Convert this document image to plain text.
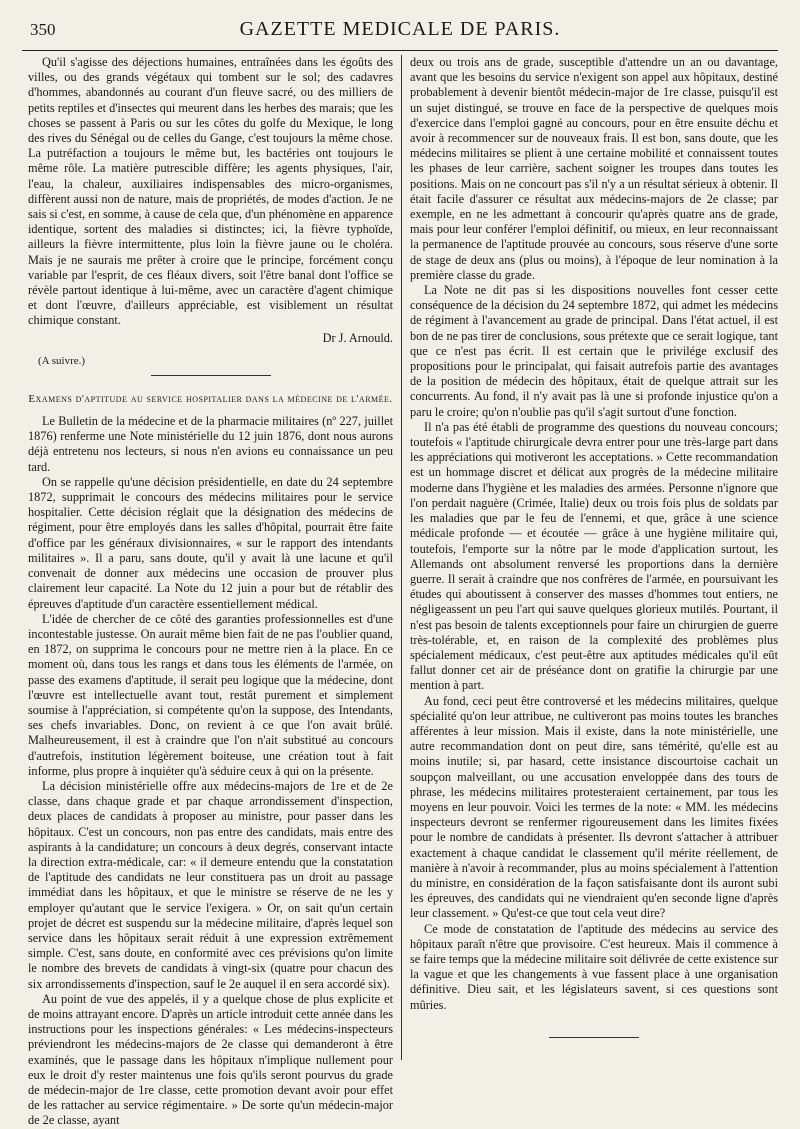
350	GAZETTE MEDICALE DE PARIS.

Qu'il s'agisse des déjections humaines, entraînées dans les égoûts des villes, ou des grands végétaux qui tombent sur le sol; des cadavres d'hommes, abandonnés au courant d'un fleuve sacré, ou des milliers de petits reptiles et d'insectes qui meurent dans les herbes des marais; que les choses se passent à Paris ou sur les côtes du golfe du Mexique, le long des rives du Sénégal ou de celles du Gange, c'est toujours la même chose. La putréfaction a toujours le même but, les bactéries ont toujours le même rôle. La matière putrescible diffère; les agents physiques, l'air, l'eau, la chaleur, auxiliaires indispensables des micro-organismes, diffèrent aussi non de nature, mais de propriétés, de modes d'action. Je ne sais si c'est, en somme, à cause de cela que, d'un phénomène en apparence identique, sortent des maladies si distinctes; ici, la fièvre typhoïde, ailleurs la fièvre intermittente, plus loin la fièvre jaune ou le choléra. Mais je ne saurais me prêter à croire que le principe, forcément conçu variable par l'esprit, de ces fléaux divers, soit l'être banal dont l'office se révèle partout identique à lui-même, avec un caractère d'agent chimique et dont l'œuvre, d'ailleurs appréciable, est visiblement un résultat chimique constant.

Dr J. Arnould.

(A suivre.)

Examens d'aptitude au service hospitalier dans la médecine de l'armée.

Le Bulletin de la médecine et de la pharmacie militaires (nº 227, juillet 1876) renferme une Note ministérielle du 12 juin 1876, dont nous aurons déjà entretenu nos lecteurs, si nous n'en avions eu connaissance un peu tard.

On se rappelle qu'une décision présidentielle, en date du 24 septembre 1872, supprimait le concours des médecins militaires pour le service hospitalier. Cette décision réglait que la désignation des médecins de régiment, pour être employés dans les salles d'hôpital, pourrait être faite d'office par les généraux divisionnaires, « sur le rapport des intendants militaires ». Il a paru, sans doute, qu'il y avait là une lacune et qu'il convenait de donner aux médecins une occasion de prouver plus clairement leur capacité. La Note du 12 juin a pour but de rétablir des épreuves d'aptitude d'un caractère essentiellement médical.

L'idée de chercher de ce côté des garanties professionnelles est d'une incontestable justesse. On aurait même bien fait de ne pas l'oublier quand, en 1872, on supprima le concours pour ne mettre rien à la place. En ce moment où, dans tous les rangs et dans tous les éléments de l'armée, on passe des examens d'aptitude, il serait peu logique que la médecine, dont l'œuvre est intellectuelle avant tout, restât purement et simplement soumise à l'appréciation, si compétente qu'on la suppose, des Intendants, ses chefs invariables. Donc, on revient à ce que l'on avait brûlé. Malheureusement, il est à craindre que l'on n'ait substitué au concours d'autrefois, institution légèrement boiteuse, une création tout à fait informe, plus propre à inquiéter qu'à séduire ceux à qui on la présente.

La décision ministérielle offre aux médecins-majors de 1re et de 2e classe, dans chaque grade et par chaque arrondissement d'inspection, deux places de candidats à proposer au ministre, pour passer dans les hôpitaux. C'est un concours, non pas entre des candidats, mais entre des aspirants à la candidature; un concours à deux degrés, conservant intacte la direction extra-médicale, car: « il demeure entendu que la constatation de l'aptitude des candidats ne leur constituera pas un droit au passage immédiat dans les hôpitaux, et que le ministre se réserve de ne les y employer qu'autant que le service l'exigera. » Or, on sait qu'un certain projet de décret est suspendu sur la médecine militaire, d'après lequel son service dans les hôpitaux serait réduit à une expression extrêmement simple. C'est, sans doute, en conformité avec ces prévisions qu'on limite le nombre des brevets de candidats à vingt-six (quatre pour chacun des six arrondissements d'inspection, sauf le 2e auquel il en sera accordé six).

Au point de vue des appelés, il y a quelque chose de plus explicite et de moins attrayant encore. D'après un article introduit cette année dans les instructions pour les inspections générales: « Les médecins-inspecteurs préviendront les médecins-majors de 2e classe qui demanderont à être examinés, que le passage dans les hôpitaux n'implique nullement pour eux le droit d'y rester maintenus une fois qu'ils seront pourvus du grade de médecin-major de 1re classe, cette promotion devant avoir pour effet de les rattacher au service régimentaire. » De sorte qu'un médecin-major de 2e classe, ayant

deux ou trois ans de grade, susceptible d'attendre un an ou davantage, avant que les besoins du service n'exigent son appel aux hôpitaux, destiné probablement à devenir bientôt médecin-major de 1re classe, puisqu'il est un sujet distingué, se trouve en face de la perspective de quelques mois d'exercice dans l'emploi gagné au concours, pour en être ensuite déchu et avoir à recommencer sur de nouveaux frais. Il est bon, sans doute, que les médecins militaires se plient à une certaine mobilité et connaissent toutes les phases de leur carrière, sachent soigner les troupes dans toutes les positions. Mais on ne concourt pas s'il n'y a un résultat sérieux à obtenir. Il était facile d'assurer ce résultat aux médecins-majors de 2e classe; par exemple, en ne les admettant à concourir qu'après quatre ans de grade, mais pour leur conférer l'emploi définitif, ou mieux, en leur reconnaissant la permanence de l'aptitude prouvée au concours, sous réserve d'une sorte de stage de deux ans (plus ou moins), à l'époque de leur nomination à la première classe du grade.

La Note ne dit pas si les dispositions nouvelles font cesser cette conséquence de la décision du 24 septembre 1872, qui admet les médecins de régiment à l'avancement au grade de principal. Dans l'état actuel, il est bon de ne pas tirer de conclusions, sous prétexte que ce serait logique, tant que ce n'est pas écrit. Il est certain que le privilége exclusif des propositions pour le principalat, qui faisait autrefois partie des avantages de la position de médecin des hôpitaux, était de quelque attrait sur les concurrents. Au fond, il n'y avait pas là une si profonde injustice qu'on a paru le croire; qu'on n'oublie pas qu'il s'agit surtout d'une fonction.

Il n'a pas été établi de programme des questions du nouveau concours; toutefois « l'aptitude chirurgicale devra entrer pour une très-large part dans les appréciations qui motiveront les acceptations. » Cette recommandation est un hommage discret et délicat aux progrès de la médecine militaire moderne dans l'hygiène et les maladies des armées. Personne n'ignore que l'on perdait naguère (Crimée, Italie) deux ou trois fois plus de soldats par les maladies que par le feu de l'ennemi, et que, grâce à une science médicale profonde — et écoutée — grâce à une hygiène militaire qui, toutefois, l'emporte sur la nôtre par le mode d'application surtout, les Allemands ont absolument renversé les proportions dans la dernière guerre. Il serait à craindre que nos confrères de l'armée, en poursuivant les études qui aboutissent à conserver des masses d'hommes tout entiers, ne négligeassent un peu l'art qui sauve quelques glorieux mutilés. Pourtant, il n'est pas besoin de talents exceptionnels pour faire un chirurgien de guerre très-tolérable, et, en raison de la complexité des problèmes plus spécialement médicaux, c'est peut-être aux aptitudes médicales qu'il eût fallut donner cet air de préséance dont on gratifie la chirurgie par une mention à part.

Au fond, ceci peut être controversé et les médecins militaires, quelque spécialité qu'on leur attribue, ne cultiveront pas moins toutes les branches afférentes à leur mission. Mais il existe, dans la note ministérielle, une autre recommandation dont on peut dire, sans témérité, qu'elle est au moins inutile; si, par hasard, cette insistance discourtoise cachait un soupçon malveillant, ou une accusation enveloppée dans des tours de phrase, les médecins militaires protesteraient certainement, par tous les moyens en leur pouvoir. Voici les termes de la note: « MM. les médecins inspecteurs devront se renfermer rigoureusement dans les limites fixées pour le nombre de candidats à présenter. Ils devront s'attacher à attribuer exactement à chaque candidat le classement qu'il mérite réellement, de manière à n'avoir à recommander, plus au moins spécialement à l'attention du ministre, en considération de la façon satisfaisante dont ils auront subi les épreuves, des candidats qui ne viendraient qu'en seconde ligne d'après leur classement. » Qu'est-ce que tout cela veut dire?

Ce mode de constatation de l'aptitude des médecins au service des hôpitaux paraît n'être que provisoire. C'est heureux. Mais il commence à se faire temps que la médecine militaire soit délivrée de cette existence sur la vague et que les changements à vue fassent place à une organisation définitive. Dieu sait, et les législateurs savent, si ces questions sont mûries.
